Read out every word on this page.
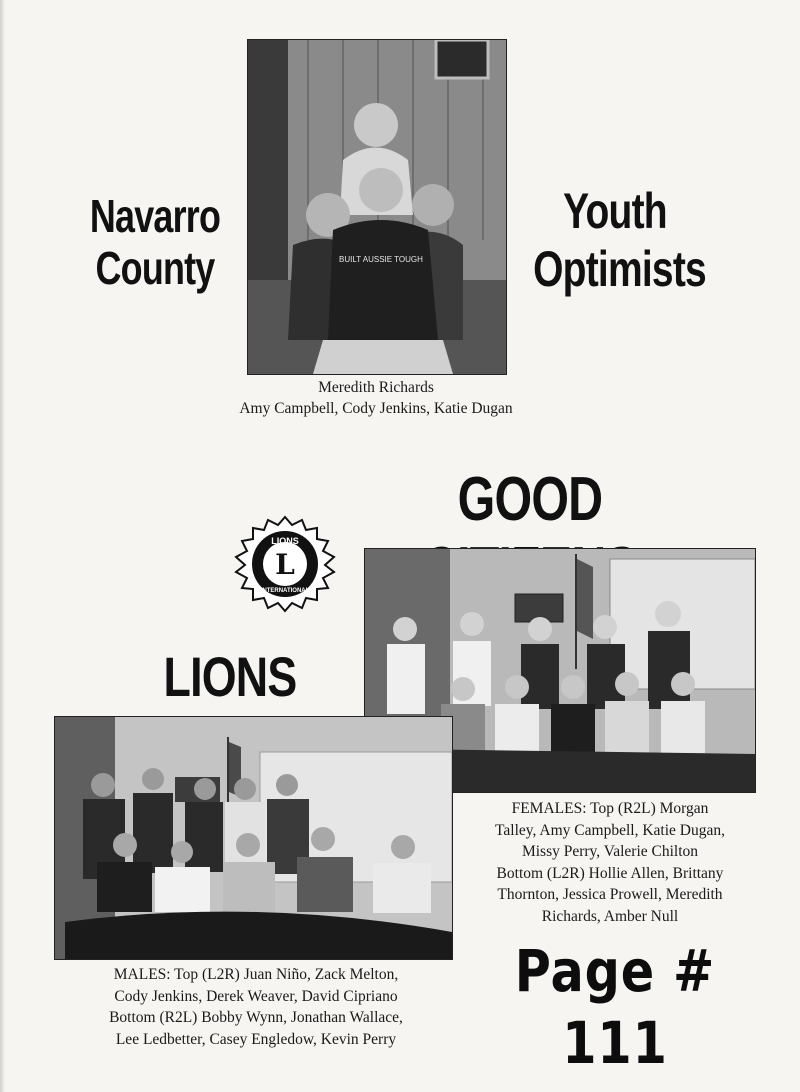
Navarro
County
Youth
Optimists
BUILT AUSSIE TOUGH
Meredith Richards
Amy Campbell, Cody Jenkins, Katie Dugan
GOOD
LIONS
L
LIONS
INTERNATIONAL
FEMALES: Top (R2L) Morgan
Talley, Amy Campbell, Katie Dugan,
Missy Perry, Valerie Chilton
Bottom (L2R) Hollie Allen, Brittany
Thornton, Jessica Prowell, Meredith
Richards, Amber Null
MALES: Top (L2R) Juan Niño, Zack Melton,
Cody Jenkins, Derek Weaver, David Cipriano
Bottom (R2L) Bobby Wynn, Jonathan Wallace,
Lee Ledbetter, Casey Engledow, Kevin Perry
Page # 111
